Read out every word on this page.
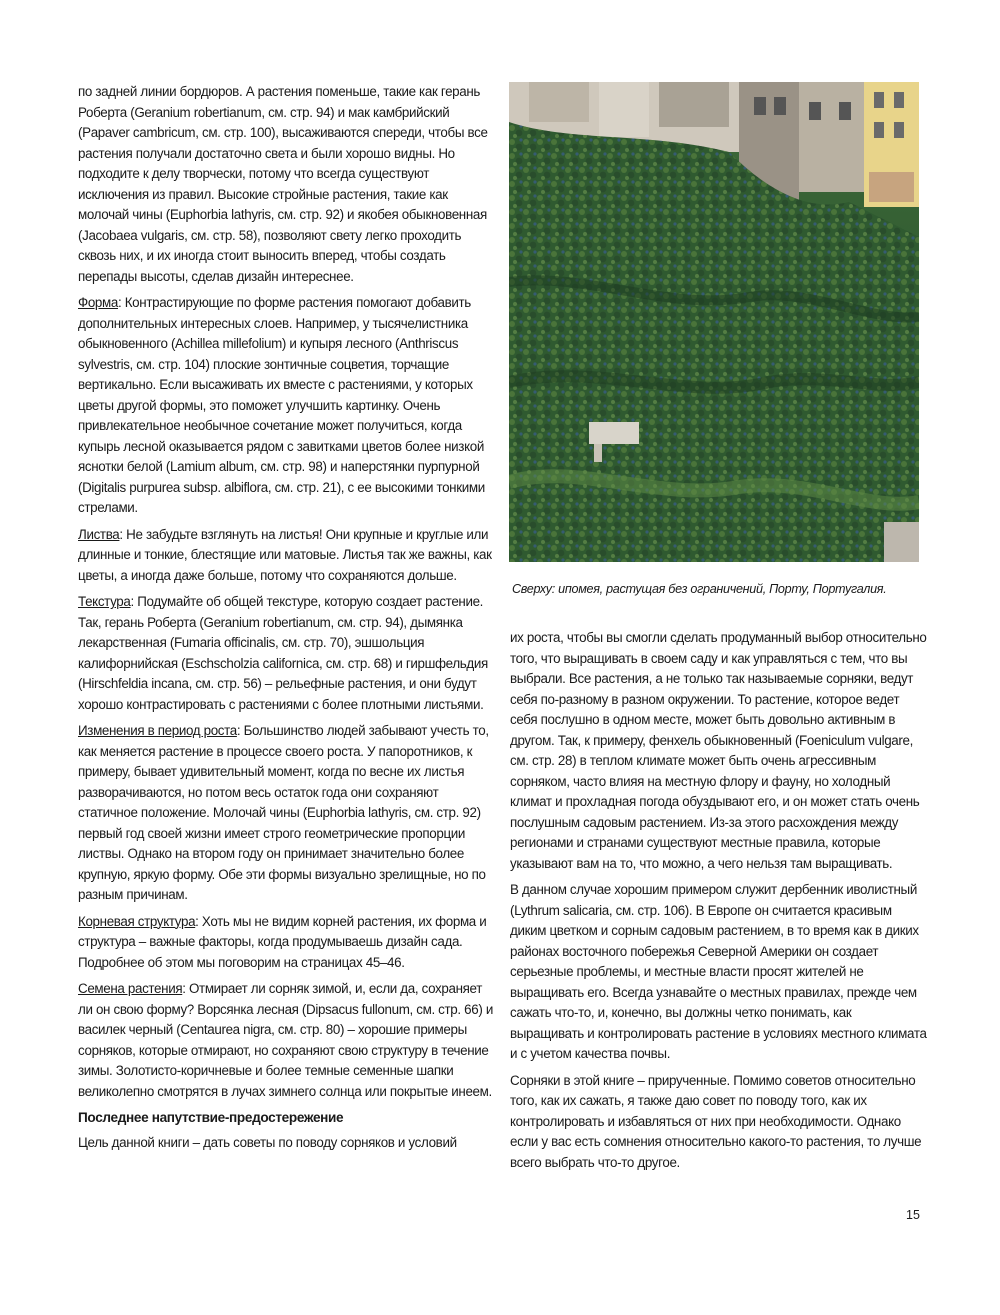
по задней линии бордюров. А растения поменьше, такие как герань Роберта (Geranium robertianum, см. стр. 94) и мак камбрийский (Papaver cambricum, см. стр. 100), высаживаются спереди, чтобы все растения получали достаточно света и были хорошо видны. Но подходите к делу творчески, потому что всегда существуют исключения из правил. Высокие стройные растения, такие как молочай чины (Euphorbia lathyris, см. стр. 92) и якобея обыкновенная (Jacobaea vulgaris, см. стр. 58), позволяют свету легко проходить сквозь них, и их иногда стоит выносить вперед, чтобы создать перепады высоты, сделав дизайн интереснее.

Форма: Контрастирующие по форме растения помогают добавить дополнительных интересных слоев. Например, у тысячелистника обыкновенного (Achillea millefolium) и купыря лесного (Anthriscus sylvestris, см. стр. 104) плоские зонтичные соцветия, торчащие вертикально. Если высаживать их вместе с растениями, у которых цветы другой формы, это поможет улучшить картинку. Очень привлекательное необычное сочетание может получиться, когда купырь лесной оказывается рядом с завитками цветов более низкой яснотки белой (Lamium album, см. стр. 98) и наперстянки пурпурной (Digitalis purpurea subsp. albiflora, см. стр. 21), с ее высокими тонкими стрелами.

Листва: Не забудьте взглянуть на листья! Они крупные и круглые или длинные и тонкие, блестящие или матовые. Листья так же важны, как цветы, а иногда даже больше, потому что сохраняются дольше.

Текстура: Подумайте об общей текстуре, которую создает растение. Так, герань Роберта (Geranium robertianum, см. стр. 94), дымянка лекарственная (Fumaria officinalis, см. стр. 70), эшшольция калифорнийская (Eschscholzia californica, см. стр. 68) и гиршфельдия (Hirschfeldia incana, см. стр. 56) – рельефные растения, и они будут хорошо контрастировать с растениями с более плотными листьями.

Изменения в период роста: Большинство людей забывают учесть то, как меняется растение в процессе своего роста. У папоротников, к примеру, бывает удивительный момент, когда по весне их листья разворачиваются, но потом весь остаток года они сохраняют статичное положение. Молочай чины (Euphorbia lathyris, см. стр. 92) первый год своей жизни имеет строго геометрические пропорции листвы. Однако на втором году он принимает значительно более крупную, яркую форму. Обе эти формы визуально зрелищные, но по разным причинам.

Корневая структура: Хоть мы не видим корней растения, их форма и структура – важные факторы, когда продумываешь дизайн сада. Подробнее об этом мы поговорим на страницах 45–46.

Семена растения: Отмирает ли сорняк зимой, и, если да, сохраняет ли он свою форму? Ворсянка лесная (Dipsacus fullonum, см. стр. 66) и василек черный (Centaurea nigra, см. стр. 80) – хорошие примеры сорняков, которые отмирают, но сохраняют свою структуру в течение зимы. Золотисто-коричневые и более темные семенные шапки великолепно смотрятся в лучах зимнего солнца или покрытые инеем.

Последнее напутствие-предостережение

Цель данной книги – дать советы по поводу сорняков и условий

Сверху: ипомея, растущая без ограничений, Порту, Португалия.

их роста, чтобы вы смогли сделать продуманный выбор относительно того, что выращивать в своем саду и как управляться с тем, что вы выбрали. Все растения, а не только так называемые сорняки, ведут себя по-разному в разном окружении. То растение, которое ведет себя послушно в одном месте, может быть довольно активным в другом. Так, к примеру, фенхель обыкновенный (Foeniculum vulgare, см. стр. 28) в теплом климате может быть очень агрессивным сорняком, часто влияя на местную флору и фауну, но холодный климат и прохладная погода обуздывают его, и он может стать очень послушным садовым растением. Из-за этого расхождения между регионами и странами существуют местные правила, которые указывают вам на то, что можно, а чего нельзя там выращивать.

В данном случае хорошим примером служит дербенник иволистный (Lythrum salicaria, см. стр. 106). В Европе он считается красивым диким цветком и сорным садовым растением, в то время как в диких районах восточного побережья Северной Америки он создает серьезные проблемы, и местные власти просят жителей не выращивать его. Всегда узнавайте о местных правилах, прежде чем сажать что-то, и, конечно, вы должны четко понимать, как выращивать и контролировать растение в условиях местного климата и с учетом качества почвы.

Сорняки в этой книге – прирученные. Помимо советов относительно того, как их сажать, я также даю совет по поводу того, как их контролировать и избавляться от них при необходимости. Однако если у вас есть сомнения относительно какого-то растения, то лучше всего выбрать что-то другое.

15
